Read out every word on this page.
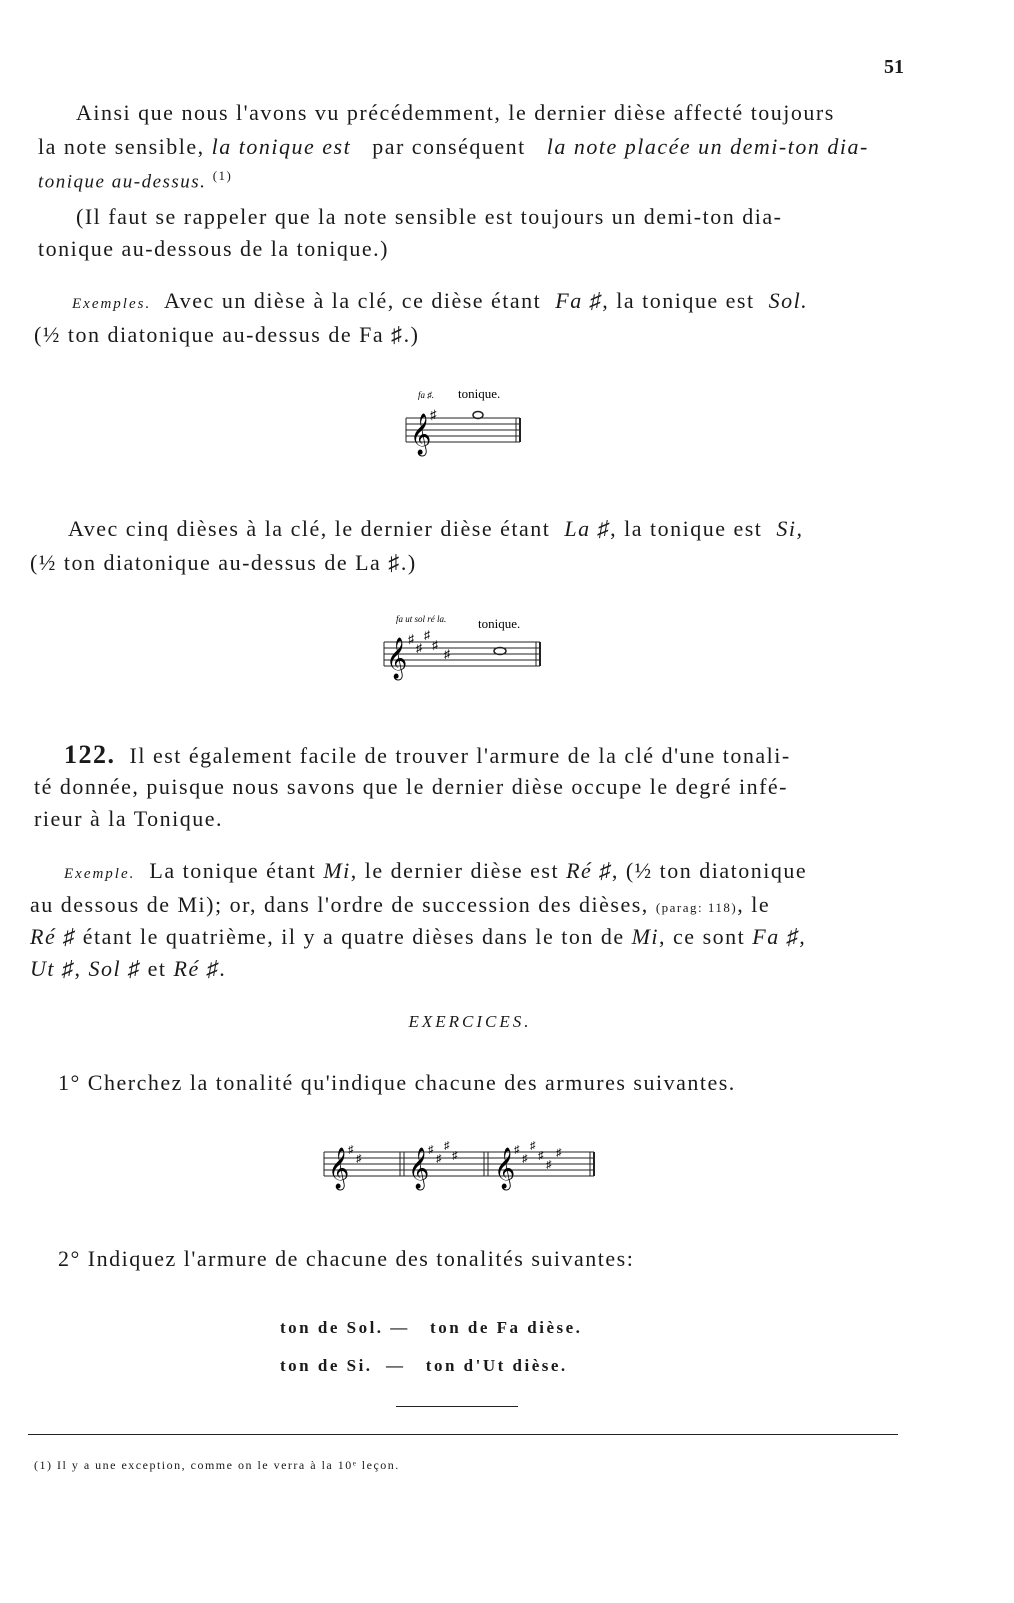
51
Ainsi que nous l'avons vu précédemment, le dernier dièse affecté toujours
la note sensible, la tonique est par conséquent la note placée un demi-ton dia-
tonique au-dessus. $^{(1)}$
(Il faut se rappeler que la note sensible est toujours un demi-ton dia-
tonique au-dessous de la tonique.)
Exemples. Avec un dièse à la clé, ce dièse étant Fa ♯, la tonique est Sol.
(½ ton diatonique au-dessus de Fa ♯.)
fa ♯. tonique.
𝄞
♯
Avec cinq dièses à la clé, le dernier dièse étant La ♯, la tonique est Si,
(½ ton diatonique au-dessus de La ♯.)
fa ut sol ré la. tonique.
𝄞 ♯
♯
♯
♯
♯
122. Il est également facile de trouver l'armure de la clé d'une tonali-
té donnée, puisque nous savons que le dernier dièse occupe le degré infé-
rieur à la Tonique.
Exemple. La tonique étant Mi, le dernier dièse est Ré ♯, (½ ton diatonique
au dessous de Mi); or, dans l'ordre de succession des dièses, (parag: 118), le
Ré ♯ étant le quatrième, il y a quatre dièses dans le ton de Mi, ce sont Fa ♯,
Ut ♯, Sol ♯ et Ré ♯.
EXERCICES.
1° Cherchez la tonalité qu'indique chacune des armures suivantes.
𝄞
♯
♯ 𝄞
♯
♯
♯
♯ 𝄞
♯
♯
♯
♯
♯
♯
2° Indiquez l'armure de chacune des tonalités suivantes:
ton de Sol. — ton de Fa dièse.
ton de Si. — ton d'Ut dièse.
(1) Il y a une exception, comme on le verra à la 10ᵉ leçon.
